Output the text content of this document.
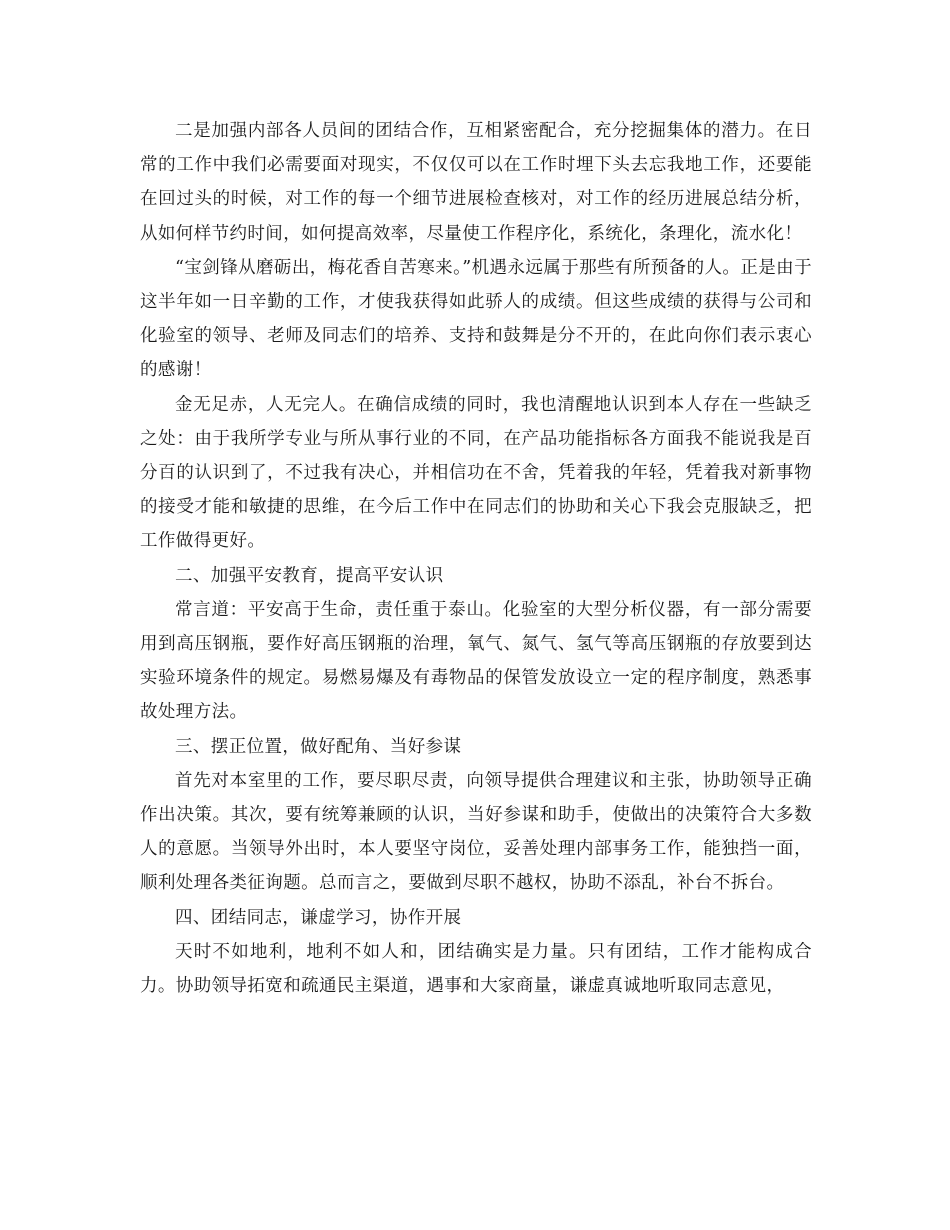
二是加强内部各人员间的团结合作，互相紧密配合，充分挖掘集体的潜力。在日常的工作中我们必需要面对现实，不仅仅可以在工作时埋下头去忘我地工作，还要能在回过头的时候，对工作的每一个细节进展检查核对，对工作的经历进展总结分析，从如何样节约时间，如何提高效率，尽量使工作程序化，系统化，条理化，流水化！

“宝剑锋从磨砺出，梅花香自苦寒来。”机遇永远属于那些有所预备的人。正是由于这半年如一日辛勤的工作，才使我获得如此骄人的成绩。但这些成绩的获得与公司和化验室的领导、老师及同志们的培养、支持和鼓舞是分不开的，在此向你们表示衷心的感谢！

金无足赤，人无完人。在确信成绩的同时，我也清醒地认识到本人存在一些缺乏之处：由于我所学专业与所从事行业的不同，在产品功能指标各方面我不能说我是百分百的认识到了，不过我有决心，并相信功在不舍，凭着我的年轻，凭着我对新事物的接受才能和敏捷的思维，在今后工作中在同志们的协助和关心下我会克服缺乏，把工作做得更好。

二、加强平安教育，提高平安认识

常言道：平安高于生命，责任重于泰山。化验室的大型分析仪器，有一部分需要用到高压钢瓶，要作好高压钢瓶的治理，氧气、氮气、氢气等高压钢瓶的存放要到达实验环境条件的规定。易燃易爆及有毒物品的保管发放设立一定的程序制度，熟悉事故处理方法。

三、摆正位置，做好配角、当好参谋

首先对本室里的工作，要尽职尽责，向领导提供合理建议和主张，协助领导正确作出决策。其次，要有统筹兼顾的认识，当好参谋和助手，使做出的决策符合大多数人的意愿。当领导外出时，本人要坚守岗位，妥善处理内部事务工作，能独挡一面，顺利处理各类征询题。总而言之，要做到尽职不越权，协助不添乱，补台不拆台。

四、团结同志，谦虚学习，协作开展

天时不如地利，地利不如人和，团结确实是力量。只有团结，工作才能构成合力。协助领导拓宽和疏通民主渠道，遇事和大家商量，谦虚真诚地听取同志意见，
